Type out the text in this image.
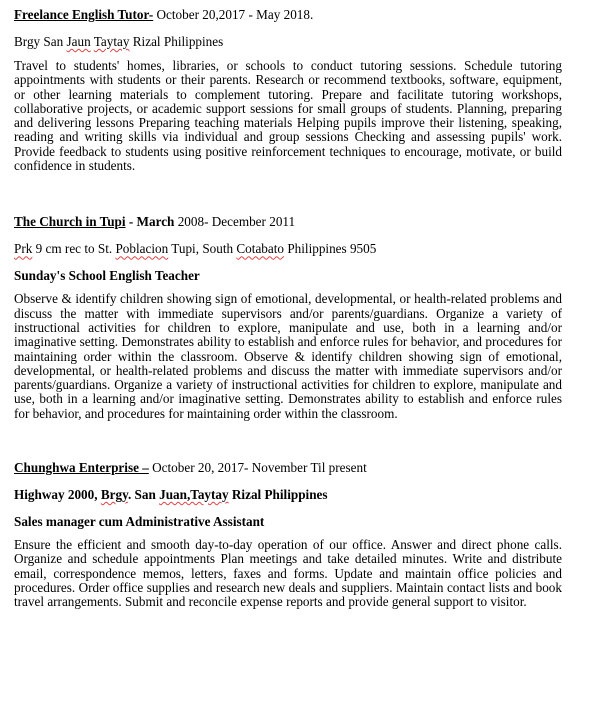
Freelance English Tutor- October 20,2017 - May 2018.
Brgy San Jaun Taytay Rizal Philippines
Travel to students' homes, libraries, or schools to conduct tutoring sessions. Schedule tutoring appointments with students or their parents. Research or recommend textbooks, software, equipment, or other learning materials to complement tutoring. Prepare and facilitate tutoring workshops, collaborative projects, or academic support sessions for small groups of students. Planning, preparing and delivering lessons Preparing teaching materials Helping pupils improve their listening, speaking, reading and writing skills via individual and group sessions Checking and assessing pupils' work. Provide feedback to students using positive reinforcement techniques to encourage, motivate, or build confidence in students.
The Church in Tupi - March 2008- December 2011
Prk 9 cm rec to St. Poblacion Tupi, South Cotabato Philippines 9505
Sunday's School English Teacher
Observe & identify children showing sign of emotional, developmental, or health-related problems and discuss the matter with immediate supervisors and/or parents/guardians. Organize a variety of instructional activities for children to explore, manipulate and use, both in a learning and/or imaginative setting. Demonstrates ability to establish and enforce rules for behavior, and procedures for maintaining order within the classroom. Observe & identify children showing sign of emotional, developmental, or health-related problems and discuss the matter with immediate supervisors and/or parents/guardians. Organize a variety of instructional activities for children to explore, manipulate and use, both in a learning and/or imaginative setting. Demonstrates ability to establish and enforce rules for behavior, and procedures for maintaining order within the classroom.
Chunghwa Enterprise – October 20, 2017- November Til present
Highway 2000, Brgy. San Juan,Taytay Rizal Philippines
Sales manager cum Administrative Assistant
Ensure the efficient and smooth day-to-day operation of our office. Answer and direct phone calls. Organize and schedule appointments Plan meetings and take detailed minutes. Write and distribute email, correspondence memos, letters, faxes and forms. Update and maintain office policies and procedures. Order office supplies and research new deals and suppliers. Maintain contact lists and book travel arrangements. Submit and reconcile expense reports and provide general support to visitor.
